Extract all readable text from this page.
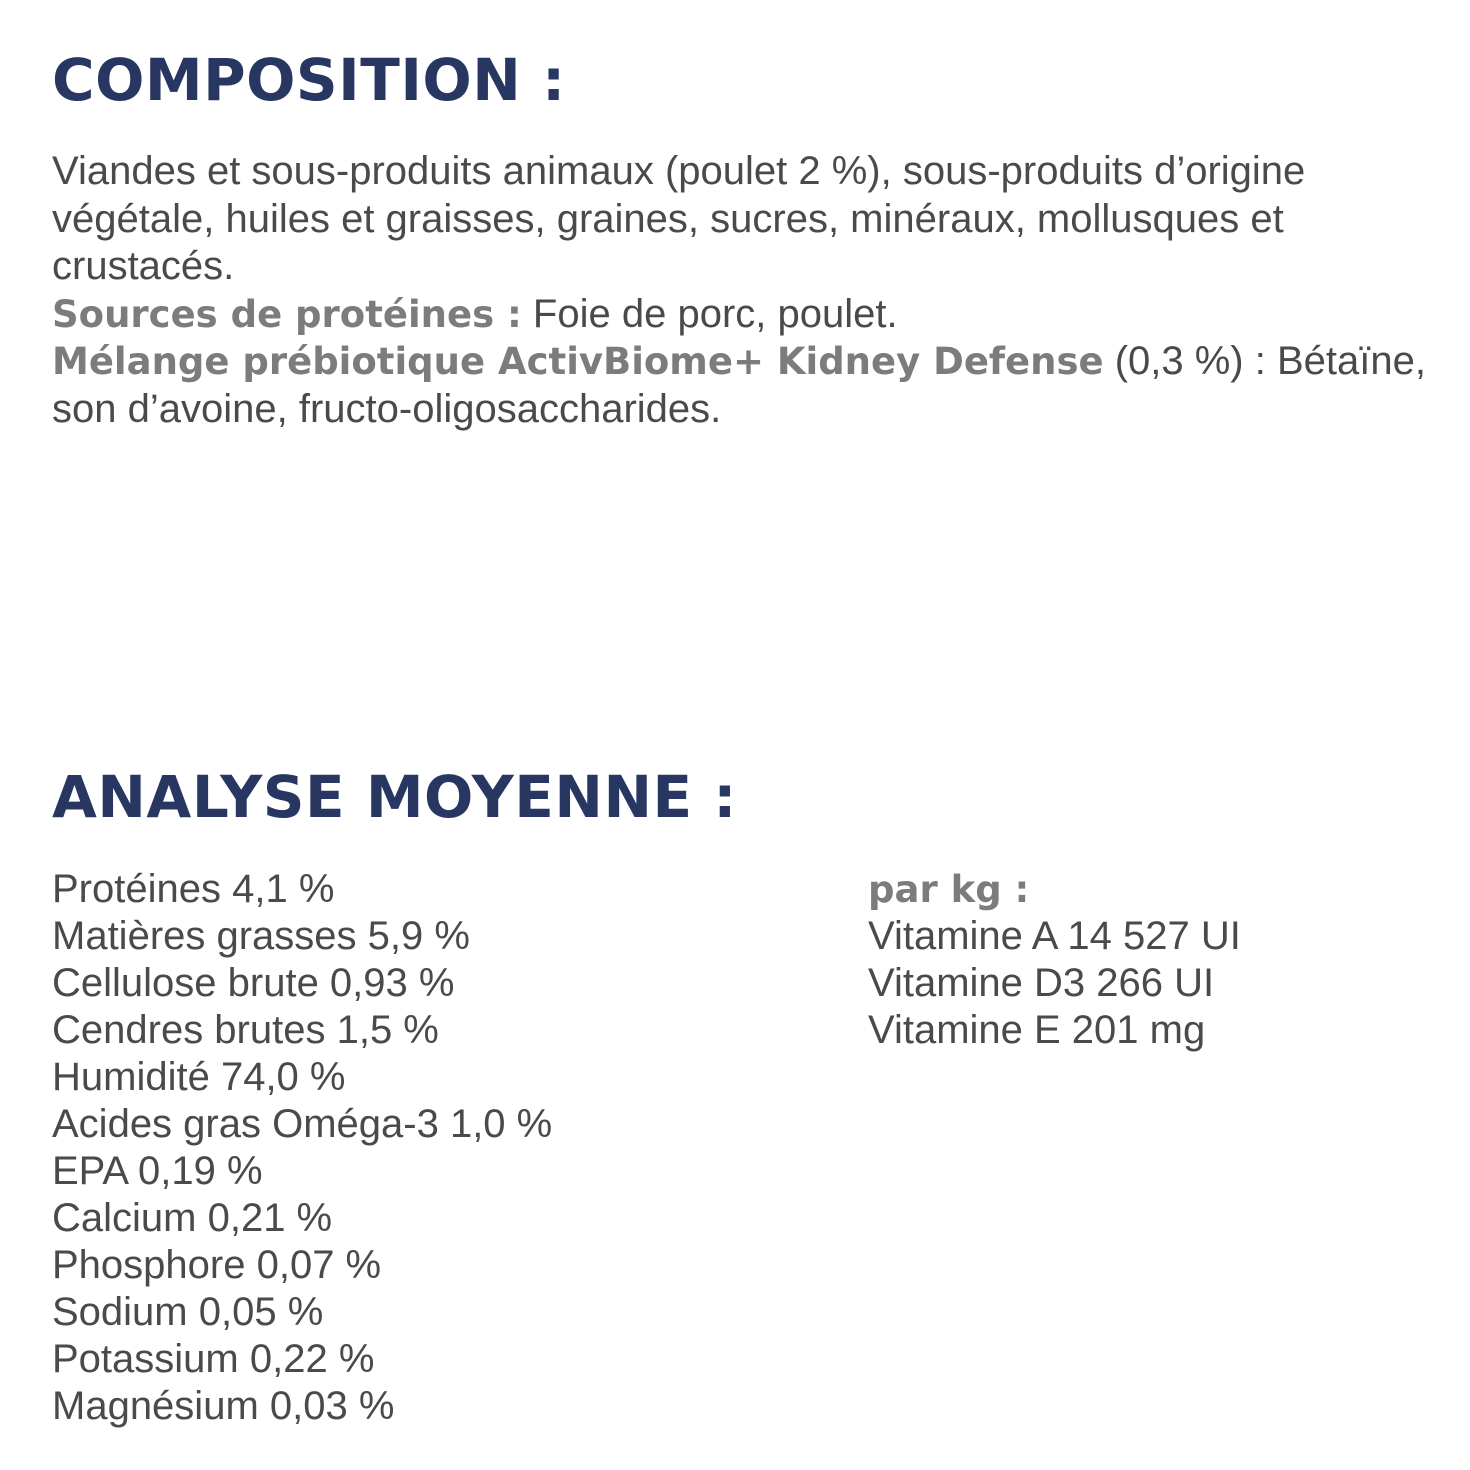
COMPOSITION :

Viandes et sous-produits animaux (poulet 2 %), sous-produits d’origine végétale, huiles et graisses, graines, sucres, minéraux, mollusques et crustacés.

Sources de protéines : Foie de porc, poulet.

Mélange prébiotique ActivBiome+ Kidney Defense (0,3 %) : Bétaïne, son d’avoine, fructo-oligosaccharides.

ANALYSE MOYENNE :
Protéines 4,1 %
Matières grasses 5,9 %
Cellulose brute 0,93 %
Cendres brutes 1,5 %
Humidité 74,0 %
Acides gras Oméga-3 1,0 %
EPA 0,19 %
Calcium 0,21 %
Phosphore 0,07 %
Sodium 0,05 %
Potassium 0,22 %
Magnésium 0,03 %
par kg :
Vitamine A 14 527 UI
Vitamine D3 266 UI
Vitamine E 201 mg
